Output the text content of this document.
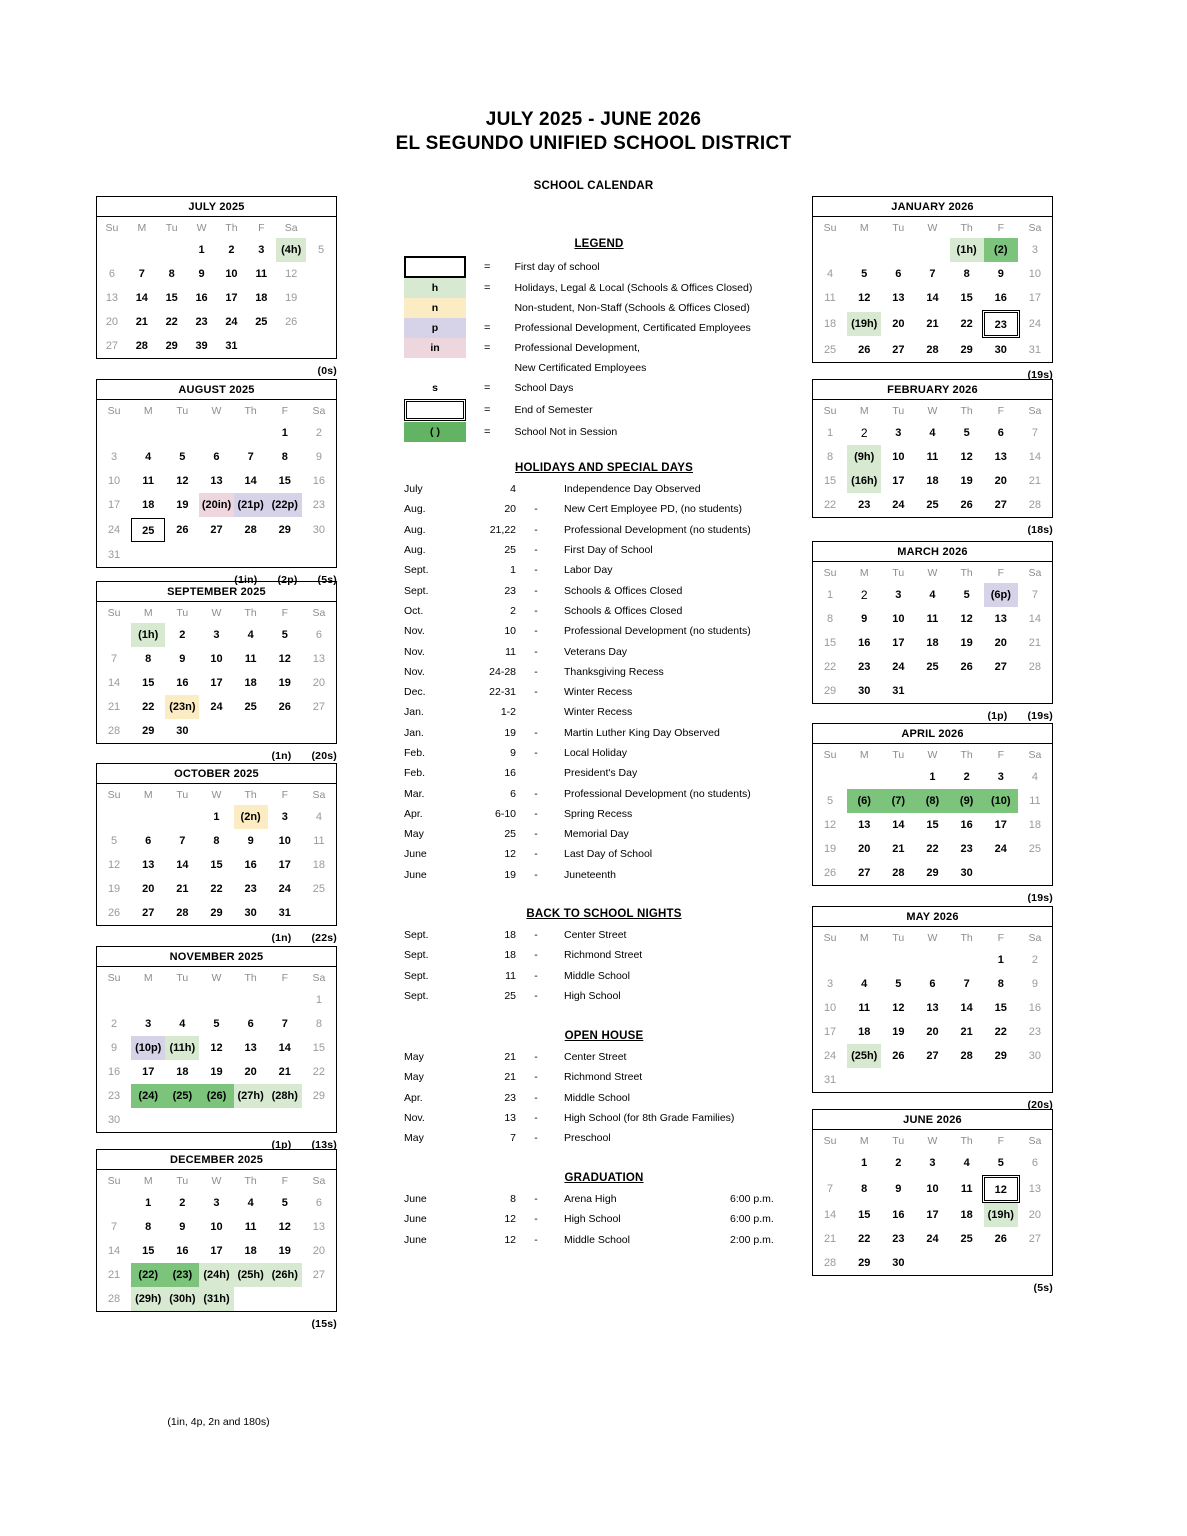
JULY 2025 - JUNE 2026
EL SEGUNDO UNIFIED SCHOOL DISTRICT
SCHOOL CALENDAR
LEGEND
	=	First day of school

h	=	Holidays, Legal & Local (Schools & Offices Closed)

n		Non-student, Non-Staff (Schools & Offices Closed)

p	=	Professional Development, Certificated Employees

in	=	Professional Development,
		New Certificated Employees

s	=	School Days

	=	End of Semester

( )	=	School Not in Session
HOLIDAYS AND SPECIAL DAYS
July	4		Independence Day Observed
Aug.	20	-	New Cert Employee PD, (no students)
Aug.	21,22	-	Professional Development (no students)
Aug.	25	-	First Day of School
Sept.	1	-	Labor Day
Sept.	23	-	Schools & Offices Closed
Oct.	2	-	Schools & Offices Closed
Nov.	10	-	Professional Development (no students)
Nov.	11	-	Veterans Day
Nov.	24-28	-	Thanksgiving Recess
Dec.	22-31	-	Winter Recess
Jan.	1-2		Winter Recess
Jan.	19	-	Martin Luther King Day Observed
Feb.	9	-	Local Holiday
Feb.	16		President's Day
Mar.	6	-	Professional Development (no students)
Apr.	6-10	-	Spring Recess
May	25	-	Memorial Day
June	12	-	Last Day of School
June	19	-	Juneteenth
BACK TO SCHOOL NIGHTS
Sept.	18	-	Center Street
Sept.	18	-	Richmond Street
Sept.	11	-	Middle School
Sept.	25	-	High School
OPEN HOUSE
May	21	-	Center Street
May	21	-	Richmond Street
Apr.	23	-	Middle School
Nov.	13	-	High School (for 8th Grade Families)
May	7	-	Preschool
GRADUATION
June	8	-	Arena High	6:00 p.m.
June	12	-	High School	6:00 p.m.
June	12	-	Middle School	2:00 p.m.
(1in, 4p, 2n and 180s)
JULY 2025
Su	M	Tu	W	Th	F	Sa	

			1	2	3	(4h)	5

6	7	8	9	10	11	12	

13	14	15	16	17	18	19	

20	21	22	23	24	25	26	

27	28	29	39	31			

(0s)
AUGUST 2025
Su	M	Tu	W	Th	F	Sa

					1	2

3	4	5	6	7	8	9

10	11	12	13	14	15	16

17	18	19	(20in)	(21p)	(22p)	23

24	25	26	27	28	29	30

31						

(1in) (2p) (5s)
SEPTEMBER 2025
Su	M	Tu	W	Th	F	Sa

	(1h)	2	3	4	5	6

7	8	9	10	11	12	13

14	15	16	17	18	19	20

21	22	(23n)	24	25	26	27

28	29	30				

(1n) (20s)
OCTOBER 2025
Su	M	Tu	W	Th	F	Sa

			1	(2n)	3	4

5	6	7	8	9	10	11

12	13	14	15	16	17	18

19	20	21	22	23	24	25

26	27	28	29	30	31	

(1n) (22s)
NOVEMBER 2025
Su	M	Tu	W	Th	F	Sa

						1

2	3	4	5	6	7	8

9	(10p)	(11h)	12	13	14	15

16	17	18	19	20	21	22

23	(24)	(25)	(26)	(27h)	(28h)	29

30						

(1p) (13s)
DECEMBER 2025
Su	M	Tu	W	Th	F	Sa

	1	2	3	4	5	6

7	8	9	10	11	12	13

14	15	16	17	18	19	20

21	(22)	(23)	(24h)	(25h)	(26h)	27

28	(29h)	(30h)	(31h)			

(15s)
JANUARY 2026
Su	M	Tu	W	Th	F	Sa

				(1h)	(2)	3

4	5	6	7	8	9	10

11	12	13	14	15	16	17

18	(19h)	20	21	22	23	24

25	26	27	28	29	30	31
(19s)
FEBRUARY 2026
Su	M	Tu	W	Th	F	Sa

1	2	3	4	5	6	7

8	(9h)	10	11	12	13	14

15	(16h)	17	18	19	20	21

22	23	24	25	26	27	28
(18s)
MARCH 2026
Su	M	Tu	W	Th	F	Sa

1	2	3	4	5	(6p)	7

8	9	10	11	12	13	14

15	16	17	18	19	20	21

22	23	24	25	26	27	28

29	30	31				

(1p) (19s)
APRIL 2026
Su	M	Tu	W	Th	F	Sa

			1	2	3	4

5	(6)	(7)	(8)	(9)	(10)	11

12	13	14	15	16	17	18

19	20	21	22	23	24	25

26	27	28	29	30		

(19s)
MAY 2026
Su	M	Tu	W	Th	F	Sa

					1	2

3	4	5	6	7	8	9

10	11	12	13	14	15	16

17	18	19	20	21	22	23

24	(25h)	26	27	28	29	30

31						

(20s)
JUNE 2026
Su	M	Tu	W	Th	F	Sa

	1	2	3	4	5	6

7	8	9	10	11	12	13

14	15	16	17	18	(19h)	20

21	22	23	24	25	26	27

28	29	30				

(5s)
